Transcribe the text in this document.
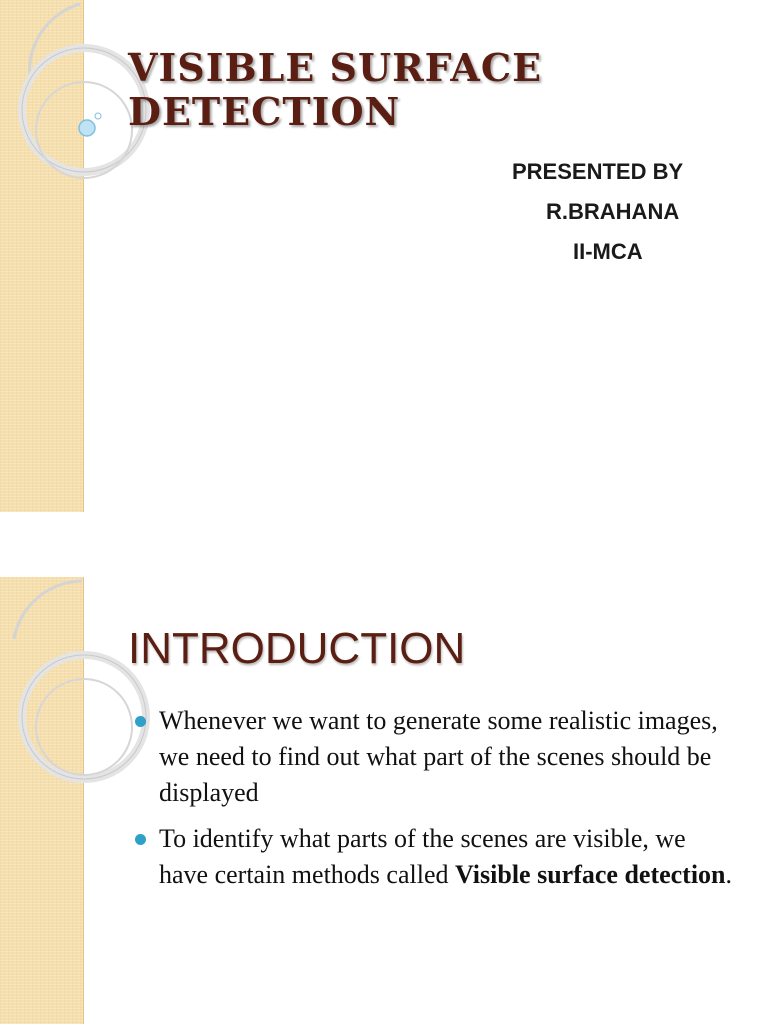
VISIBLE SURFACE
DETECTION
PRESENTED BY
R.BRAHANA
II-MCA
INTRODUCTION
Whenever we want to generate some realistic images, we need to find out what part of the scenes should be displayed
To identify what parts of the scenes are visible, we have certain methods called Visible surface detection.
